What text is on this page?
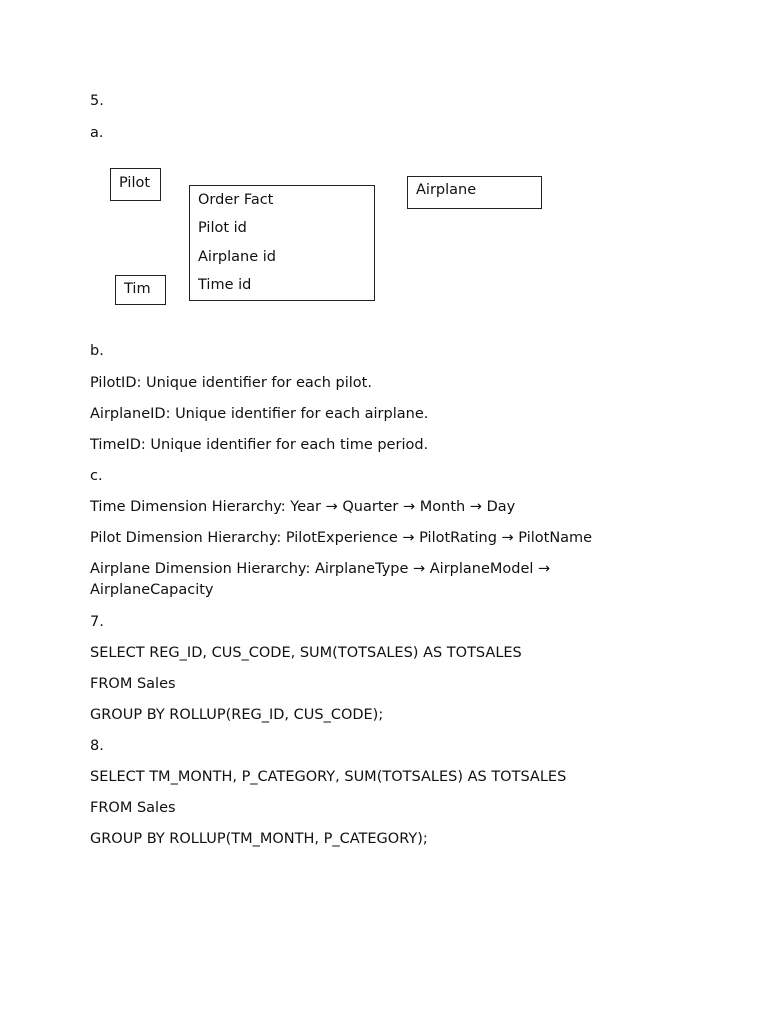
5.
a.
Pilot
Order Fact
Pilot id
Airplane id
Time id
Airplane
Tim
b.
PilotID: Unique identifier for each pilot.
AirplaneID: Unique identifier for each airplane.
TimeID: Unique identifier for each time period.
c.
Time Dimension Hierarchy: Year → Quarter → Month → Day
Pilot Dimension Hierarchy: PilotExperience → PilotRating → PilotName
Airplane Dimension Hierarchy: AirplaneType → AirplaneModel →
AirplaneCapacity
7.
SELECT REG_ID, CUS_CODE, SUM(TOTSALES) AS TOTSALES
FROM Sales
GROUP BY ROLLUP(REG_ID, CUS_CODE);
8.
SELECT TM_MONTH, P_CATEGORY, SUM(TOTSALES) AS TOTSALES
FROM Sales
GROUP BY ROLLUP(TM_MONTH, P_CATEGORY);
